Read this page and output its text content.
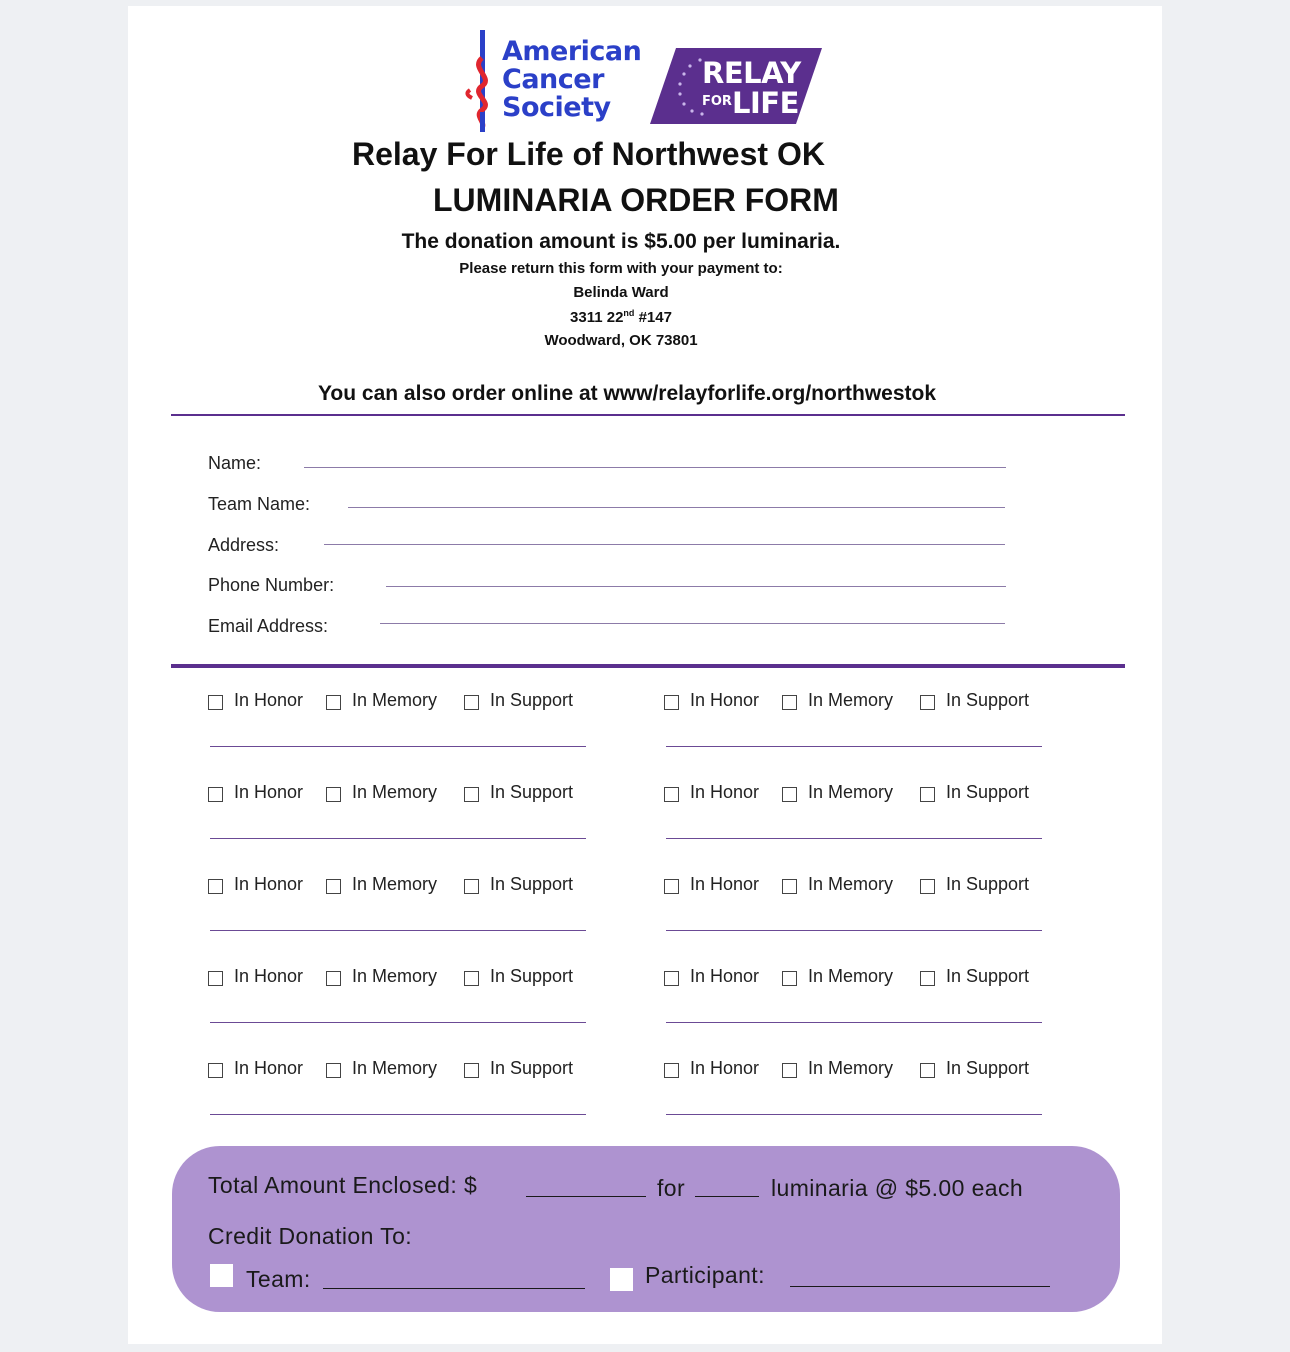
American
Cancer
Society
RELAY
FOR LIFE
Relay For Life of Northwest OK
LUMINARIA ORDER FORM
The donation amount is $5.00 per luminaria.
Please return this form with your payment to:
Belinda Ward
3311 22nd #147
Woodward, OK 73801
You can also order online at www/relayforlife.org/northwestok
Name:
Team Name:
Address:
Phone Number:
Email Address:
In Honor	In Memory	In Support	In Honor	In Memory	In Support
In Honor	In Memory	In Support	In Honor	In Memory	In Support
In Honor	In Memory	In Support	In Honor	In Memory	In Support
In Honor	In Memory	In Support	In Honor	In Memory	In Support
In Honor	In Memory	In Support	In Honor	In Memory	In Support
Total Amount Enclosed: $	for	luminaria @ $5.00 each
Credit Donation To:
Team:	Participant:
